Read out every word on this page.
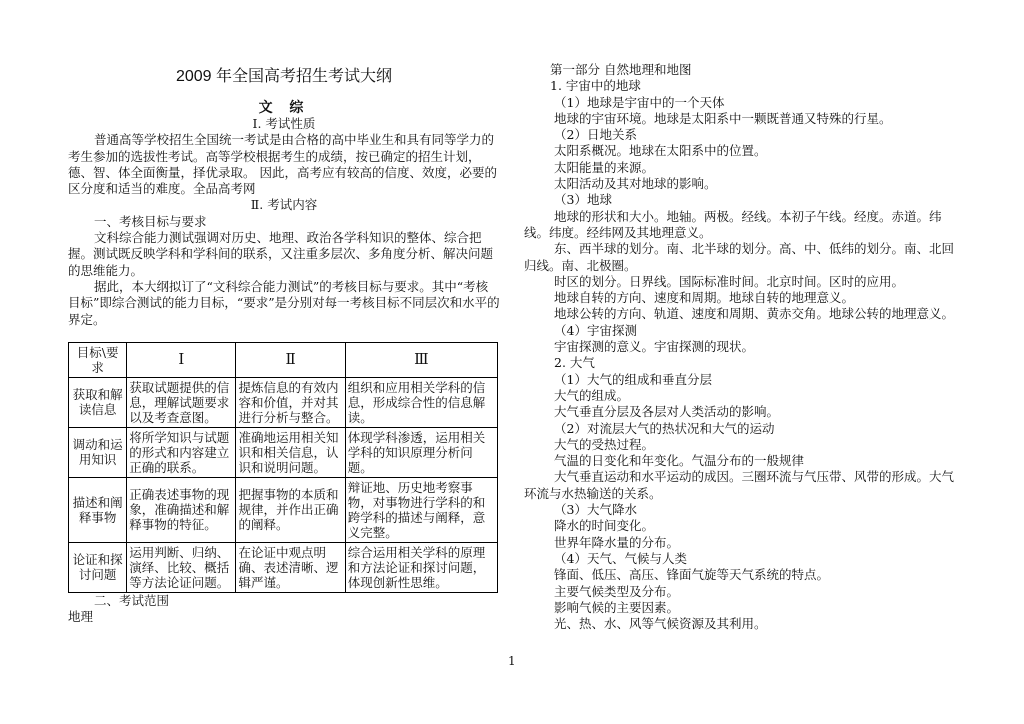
2009 年全国高考招生考试大纲
文 综

Ⅰ. 考试性质

普通高等学校招生全国统一考试是由合格的高中毕业生和具有同等学力的考生参加的选拔性考试。高等学校根据考生的成绩，按已确定的招生计划，德、智、体全面衡量，择优录取。 因此，高考应有较高的信度、效度，必要的区分度和适当的难度。全品高考网

Ⅱ. 考试内容

一、考核目标与要求

文科综合能力测试强调对历史、地理、政治各学科知识的整体、综合把握。测试既反映学科和学科间的联系，又注重多层次、多角度分析、解决问题的思维能力。

据此，本大纲拟订了“文科综合能力测试”的考核目标与要求。其中“考核目标”即综合测试的能力目标，“要求”是分别对每一考核目标不同层次和水平的界定。

目标\要求	Ⅰ	Ⅱ	Ⅲ
获取和解读信息	获取试题提供的信息，理解试题要求以及考查意图。	提炼信息的有效内容和价值，并对其进行分析与整合。	组织和应用相关学科的信息，形成综合性的信息解读。
调动和运用知识	将所学知识与试题的形式和内容建立正确的联系。	准确地运用相关知识和相关信息，认识和说明问题。	体现学科渗透，运用相关学科的知识原理分析问题。
描述和阐释事物	正确表述事物的现象，准确描述和解释事物的特征。	把握事物的本质和规律，并作出正确的阐释。	辩证地、历史地考察事物，对事物进行学科的和跨学科的描述与阐释，意义完整。
论证和探讨问题	运用判断、归纳、演绎、比较、概括等方法论证问题。	在论证中观点明确、表述清晰、逻辑严谨。	综合运用相关学科的原理和方法论证和探讨问题，体现创新性思维。

二、考试范围

地理

第一部分 自然地理和地图

1. 宇宙中的地球

（1）地球是宇宙中的一个天体

地球的宇宙环境。地球是太阳系中一颗既普通又特殊的行星。

（2）日地关系

太阳系概况。地球在太阳系中的位置。

太阳能量的来源。

太阳活动及其对地球的影响。

（3）地球

地球的形状和大小。地轴。两极。经线。本初子午线。经度。赤道。纬线。纬度。经纬网及其地理意义。

东、西半球的划分。南、北半球的划分。高、中、低纬的划分。南、北回归线。南、北极圈。

时区的划分。日界线。国际标准时间。北京时间。区时的应用。

地球自转的方向、速度和周期。地球自转的地理意义。

地球公转的方向、轨道、速度和周期、黄赤交角。地球公转的地理意义。

（4）宇宙探测

宇宙探测的意义。宇宙探测的现状。

2. 大气

（1）大气的组成和垂直分层

大气的组成。

大气垂直分层及各层对人类活动的影响。

（2）对流层大气的热状况和大气的运动

大气的受热过程。

气温的日变化和年变化。气温分布的一般规律

大气垂直运动和水平运动的成因。三圈环流与气压带、风带的形成。大气环流与水热输送的关系。

（3）大气降水

降水的时间变化。

世界年降水量的分布。

（4）天气、气候与人类

锋面、低压、高压、锋面气旋等天气系统的特点。

主要气候类型及分布。

影响气候的主要因素。

光、热、水、风等气候资源及其利用。

1
